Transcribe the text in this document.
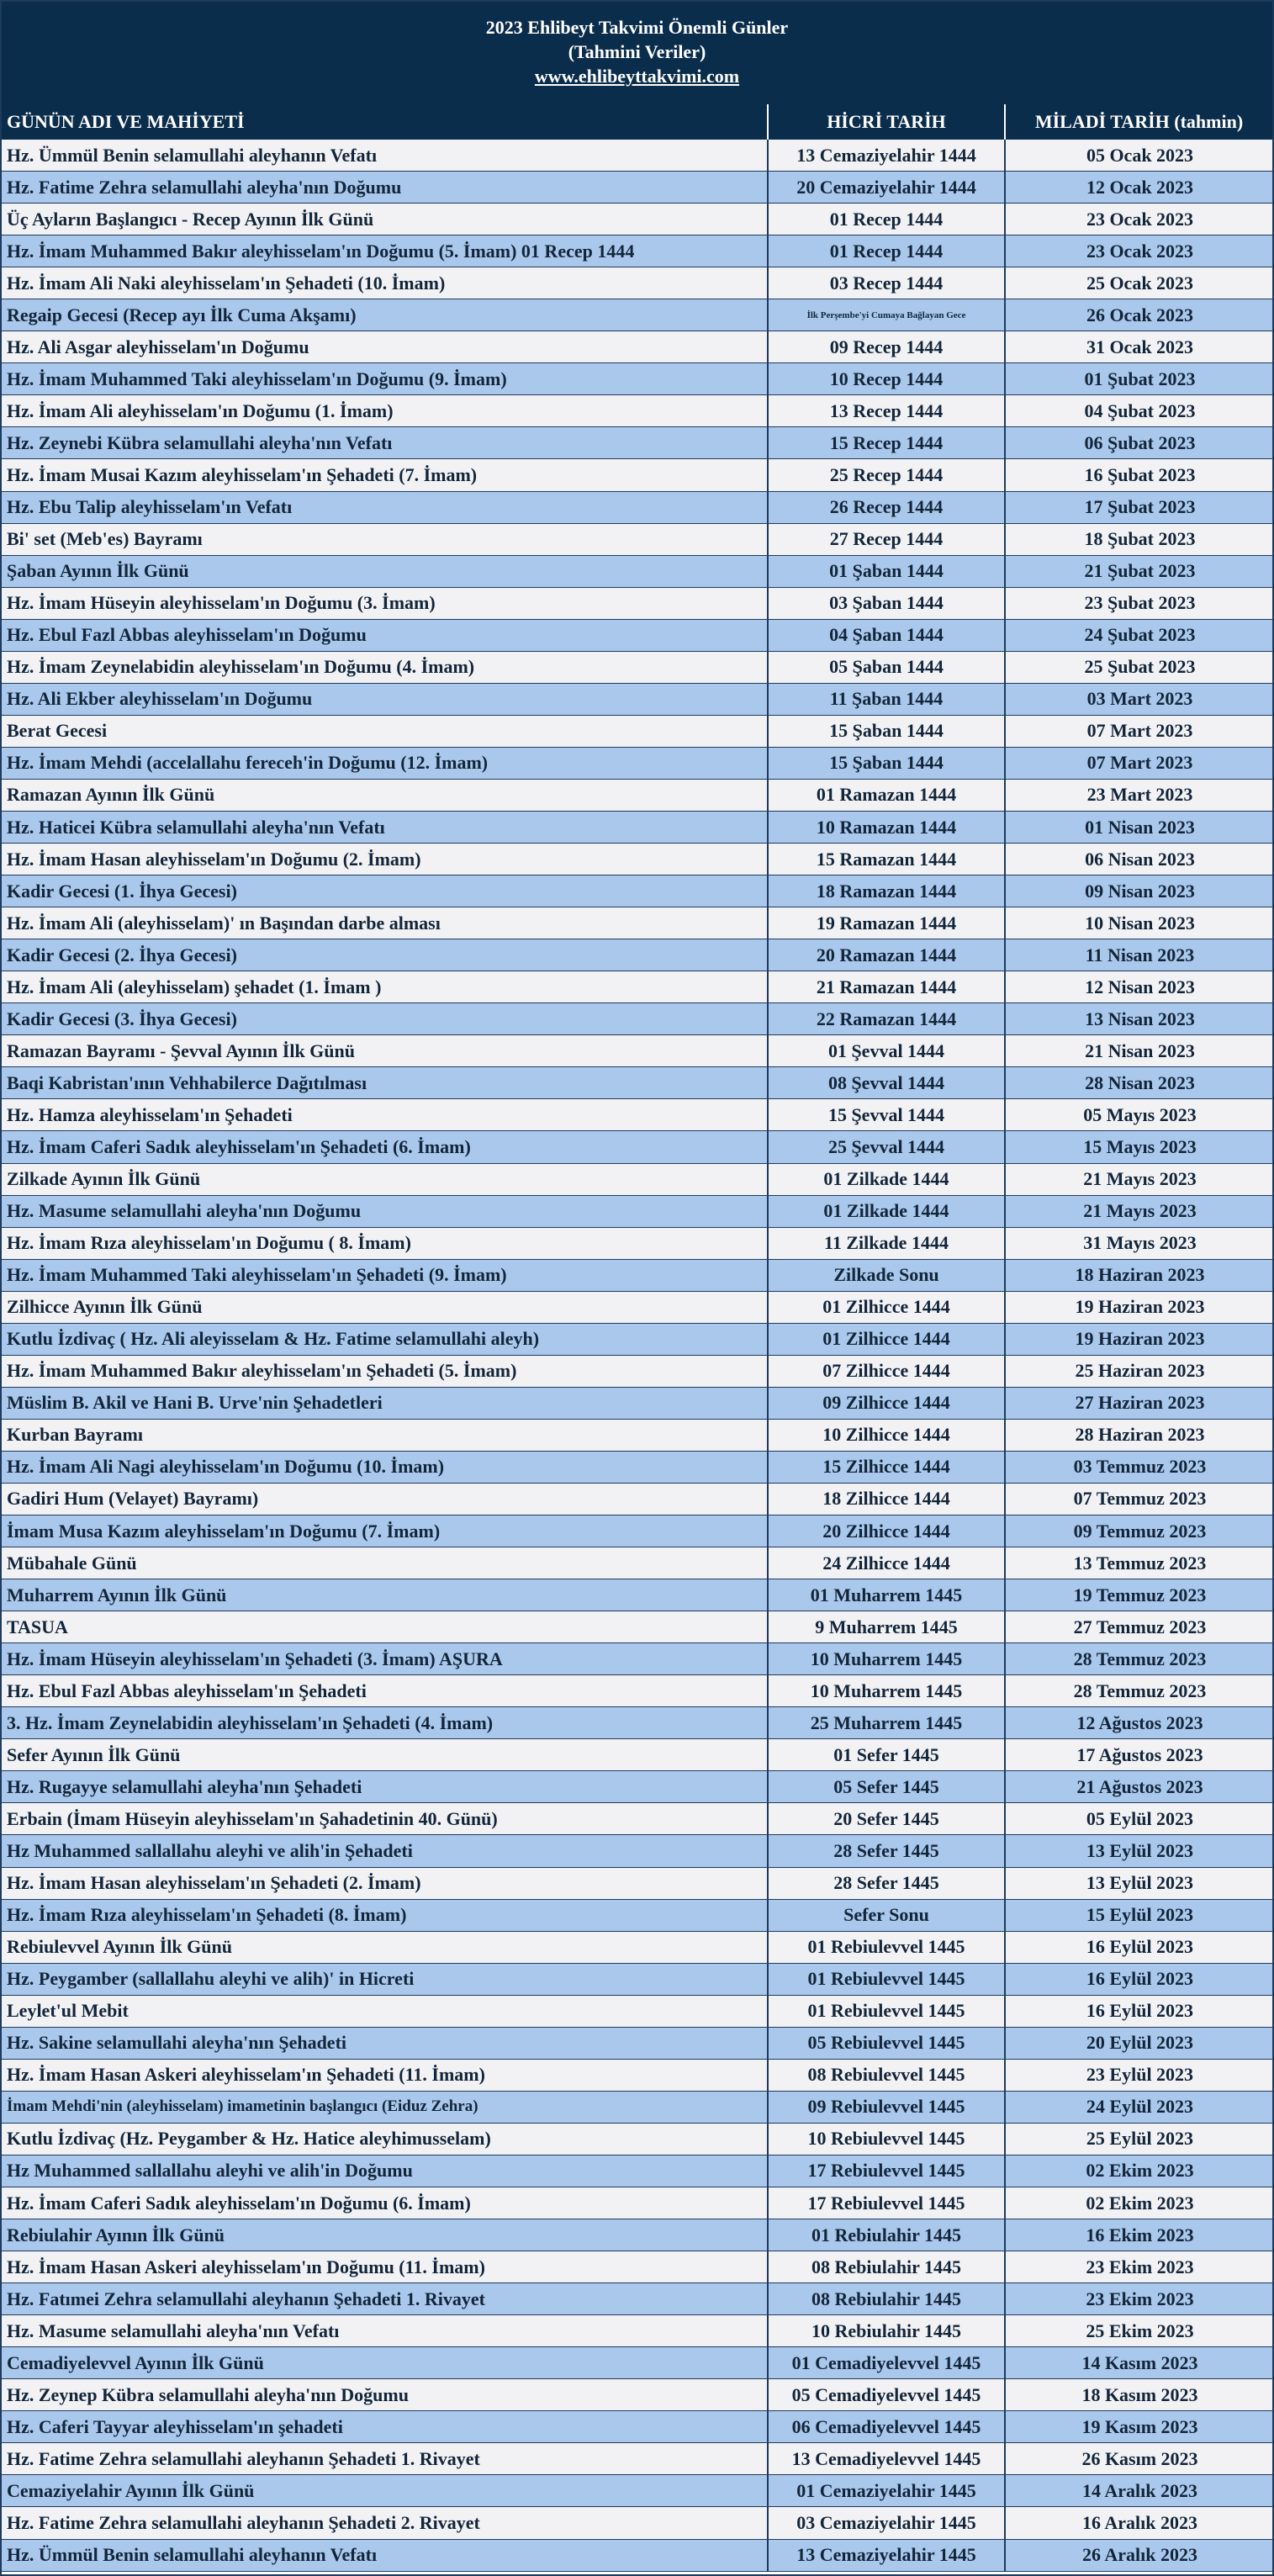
2023 Ehlibeyt Takvimi Önemli Günler
(Tahmini Veriler)
www.ehlibeyttakvimi.com
GÜNÜN ADI VE MAHİYETİ	HİCRİ TARİH	MİLADİ TARİH (tahmin)
Hz. Ümmül Benin selamullahi aleyhanın Vefatı	13 Cemaziyelahir 1444	05 Ocak 2023
Hz. Fatime Zehra selamullahi aleyha'nın Doğumu	20 Cemaziyelahir 1444	12 Ocak 2023
Üç Ayların Başlangıcı - Recep Ayının İlk Günü	01 Recep 1444	23 Ocak 2023
Hz. İmam Muhammed Bakır aleyhisselam'ın Doğumu (5. İmam) 01 Recep 1444	01 Recep 1444	23 Ocak 2023
Hz. İmam Ali Naki aleyhisselam'ın Şehadeti (10. İmam)	03 Recep 1444	25 Ocak 2023
Regaip Gecesi (Recep ayı İlk Cuma Akşamı)	İlk Perşembe'yi Cumaya Bağlayan Gece	26 Ocak 2023
Hz. Ali Asgar aleyhisselam'ın Doğumu	09 Recep 1444	31 Ocak 2023
Hz. İmam Muhammed Taki aleyhisselam'ın Doğumu (9. İmam)	10 Recep 1444	01 Şubat 2023
Hz. İmam Ali aleyhisselam'ın Doğumu (1. İmam)	13 Recep 1444	04 Şubat 2023
Hz. Zeynebi Kübra selamullahi aleyha'nın Vefatı	15 Recep 1444	06 Şubat 2023
Hz. İmam Musai Kazım aleyhisselam'ın Şehadeti (7. İmam)	25 Recep 1444	16 Şubat 2023
Hz. Ebu Talip aleyhisselam'ın Vefatı	26 Recep 1444	17 Şubat 2023
Bi' set (Meb'es) Bayramı	27 Recep 1444	18 Şubat 2023
Şaban Ayının İlk Günü	01 Şaban 1444	21 Şubat 2023
Hz. İmam Hüseyin aleyhisselam'ın Doğumu (3. İmam)	03 Şaban 1444	23 Şubat 2023
Hz. Ebul Fazl Abbas aleyhisselam'ın Doğumu	04 Şaban 1444	24 Şubat 2023
Hz. İmam Zeynelabidin aleyhisselam'ın Doğumu (4. İmam)	05 Şaban 1444	25 Şubat 2023
Hz. Ali Ekber aleyhisselam'ın Doğumu	11 Şaban 1444	03 Mart 2023
Berat Gecesi	15 Şaban 1444	07 Mart 2023
Hz. İmam Mehdi (accelallahu fereceh'in Doğumu (12. İmam)	15 Şaban 1444	07 Mart 2023
Ramazan Ayının İlk Günü	01 Ramazan 1444	23 Mart 2023
Hz. Haticei Kübra selamullahi aleyha'nın Vefatı	10 Ramazan 1444	01 Nisan 2023
Hz. İmam Hasan aleyhisselam'ın Doğumu (2. İmam)	15 Ramazan 1444	06 Nisan 2023
Kadir Gecesi (1. İhya Gecesi)	18 Ramazan 1444	09 Nisan 2023
Hz. İmam Ali (aleyhisselam)' ın Başından darbe alması	19 Ramazan 1444	10 Nisan 2023
Kadir Gecesi (2. İhya Gecesi)	20 Ramazan 1444	11 Nisan 2023
Hz. İmam Ali (aleyhisselam) şehadet (1. İmam )	21 Ramazan 1444	12 Nisan 2023
Kadir Gecesi (3. İhya Gecesi)	22 Ramazan 1444	13 Nisan 2023
Ramazan Bayramı - Şevval Ayının İlk Günü	01 Şevval 1444	21 Nisan 2023
Baqi Kabristan'ının Vehhabilerce Dağıtılması	08 Şevval 1444	28 Nisan 2023
Hz. Hamza aleyhisselam'ın Şehadeti	15 Şevval 1444	05 Mayıs 2023
Hz. İmam Caferi Sadık aleyhisselam'ın Şehadeti (6. İmam)	25 Şevval 1444	15 Mayıs 2023
Zilkade Ayının İlk Günü	01 Zilkade 1444	21 Mayıs 2023
Hz. Masume selamullahi aleyha'nın Doğumu	01 Zilkade 1444	21 Mayıs 2023
Hz. İmam Rıza aleyhisselam'ın Doğumu ( 8. İmam)	11 Zilkade 1444	31 Mayıs 2023
Hz. İmam Muhammed Taki aleyhisselam'ın Şehadeti (9. İmam)	Zilkade Sonu	18 Haziran 2023
Zilhicce Ayının İlk Günü	01 Zilhicce 1444	19 Haziran 2023
Kutlu İzdivaç ( Hz. Ali aleyisselam & Hz. Fatime selamullahi aleyh)	01 Zilhicce 1444	19 Haziran 2023
Hz. İmam Muhammed Bakır aleyhisselam'ın Şehadeti (5. İmam)	07 Zilhicce 1444	25 Haziran 2023
Müslim B. Akil ve Hani B. Urve'nin Şehadetleri	09 Zilhicce 1444	27 Haziran 2023
Kurban Bayramı	10 Zilhicce 1444	28 Haziran 2023
Hz. İmam Ali Nagi aleyhisselam'ın Doğumu (10. İmam)	15 Zilhicce 1444	03 Temmuz 2023
Gadiri Hum (Velayet) Bayramı)	18 Zilhicce 1444	07 Temmuz 2023
İmam Musa Kazım aleyhisselam'ın Doğumu (7. İmam)	20 Zilhicce 1444	09 Temmuz 2023
Mübahale Günü	24 Zilhicce 1444	13 Temmuz 2023
Muharrem Ayının İlk Günü	01 Muharrem 1445	19 Temmuz 2023
TASUA	9 Muharrem 1445	27 Temmuz 2023
Hz. İmam Hüseyin aleyhisselam'ın Şehadeti (3. İmam) AŞURA	10 Muharrem 1445	28 Temmuz 2023
Hz. Ebul Fazl Abbas aleyhisselam'ın Şehadeti	10 Muharrem 1445	28 Temmuz 2023
3. Hz. İmam Zeynelabidin aleyhisselam'ın Şehadeti (4. İmam)	25 Muharrem 1445	12 Ağustos 2023
Sefer Ayının İlk Günü	01 Sefer 1445	17 Ağustos 2023
Hz. Rugayye selamullahi aleyha'nın Şehadeti	05 Sefer 1445	21 Ağustos 2023
Erbain (İmam Hüseyin aleyhisselam'ın Şahadetinin 40. Günü)	20 Sefer 1445	05 Eylül 2023
Hz Muhammed sallallahu aleyhi ve alih'in Şehadeti	28 Sefer 1445	13 Eylül 2023
Hz. İmam Hasan aleyhisselam'ın Şehadeti (2. İmam)	28 Sefer 1445	13 Eylül 2023
Hz. İmam Rıza aleyhisselam'ın Şehadeti (8. İmam)	Sefer Sonu	15 Eylül 2023
Rebiulevvel Ayının İlk Günü	01 Rebiulevvel 1445	16 Eylül 2023
Hz. Peygamber (sallallahu aleyhi ve alih)' in Hicreti	01 Rebiulevvel 1445	16 Eylül 2023
Leylet'ul Mebit	01 Rebiulevvel 1445	16 Eylül 2023
Hz. Sakine selamullahi aleyha'nın Şehadeti	05 Rebiulevvel 1445	20 Eylül 2023
Hz. İmam Hasan Askeri aleyhisselam'ın Şehadeti (11. İmam)	08 Rebiulevvel 1445	23 Eylül 2023
İmam Mehdi'nin (aleyhisselam) imametinin başlangıcı (Eiduz Zehra)	09 Rebiulevvel 1445	24 Eylül 2023
Kutlu İzdivaç (Hz. Peygamber & Hz. Hatice aleyhimusselam)	10 Rebiulevvel 1445	25 Eylül 2023
Hz Muhammed sallallahu aleyhi ve alih'in Doğumu	17 Rebiulevvel 1445	02 Ekim 2023
Hz. İmam Caferi Sadık aleyhisselam'ın Doğumu (6. İmam)	17 Rebiulevvel 1445	02 Ekim 2023
Rebiulahir Ayının İlk Günü	01 Rebiulahir 1445	16 Ekim 2023
Hz. İmam Hasan Askeri aleyhisselam'ın Doğumu (11. İmam)	08 Rebiulahir 1445	23 Ekim 2023
Hz. Fatımei Zehra selamullahi aleyhanın Şehadeti 1. Rivayet	08 Rebiulahir 1445	23 Ekim 2023
Hz. Masume selamullahi aleyha'nın Vefatı	10 Rebiulahir 1445	25 Ekim 2023
Cemadiyelevvel Ayının İlk Günü	01 Cemadiyelevvel 1445	14 Kasım 2023
Hz. Zeynep Kübra selamullahi aleyha'nın Doğumu	05 Cemadiyelevvel 1445	18 Kasım 2023
Hz. Caferi Tayyar aleyhisselam'ın şehadeti	06 Cemadiyelevvel 1445	19 Kasım 2023
Hz. Fatime Zehra selamullahi aleyhanın Şehadeti 1. Rivayet	13 Cemadiyelevvel 1445	26 Kasım 2023
Cemaziyelahir Ayının İlk Günü	01 Cemaziyelahir 1445	14 Aralık 2023
Hz. Fatime Zehra selamullahi aleyhanın Şehadeti 2. Rivayet	03 Cemaziyelahir 1445	16 Aralık 2023
Hz. Ümmül Benin selamullahi aleyhanın Vefatı	13 Cemaziyelahir 1445	26 Aralık 2023
